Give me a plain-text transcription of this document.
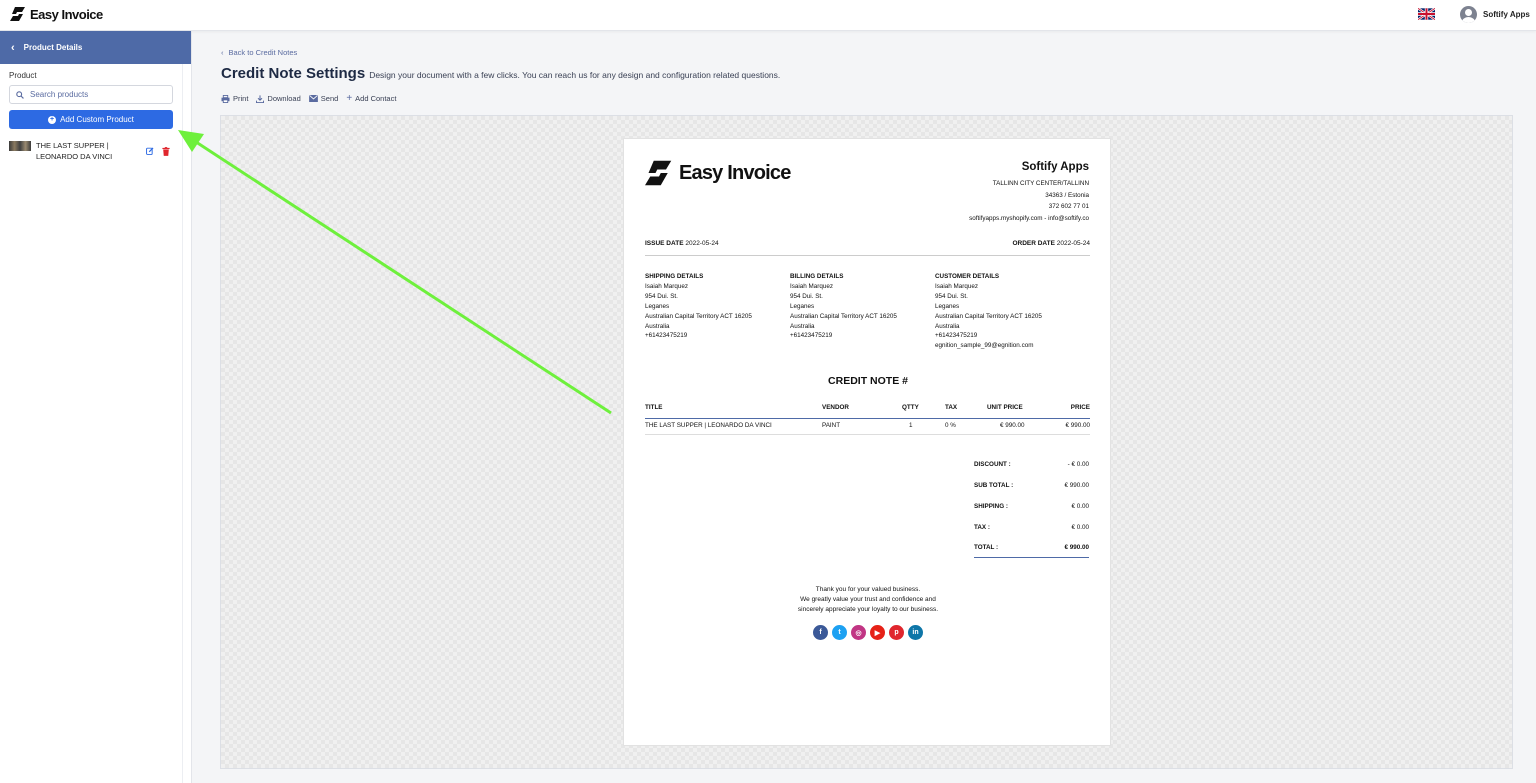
Easy Invoice	Softify Apps
‹ Product Details
Product
Search products
+ Add Custom Product
THE LAST SUPPER | LEONARDO DA VINCI
‹ Back to Credit Notes
Credit Note Settings Design your document with a few clicks. You can reach us for any design and configuration related questions.
Print	Download	Send + Add Contact
Easy Invoice	Softify Apps
TALLINN CITY CENTER/TALLINN
34363 / Estonia
372 602 77 01
softifyapps.myshopify.com - info@softify.co
ISSUE DATE 2022-05-24	ORDER DATE 2022-05-24
SHIPPING DETAILS
Isaiah Marquez
954 Dui. St.
Leganes
Australian Capital Territory ACT 16205
Australia
+61423475219
BILLING DETAILS
Isaiah Marquez
954 Dui. St.
Leganes
Australian Capital Territory ACT 16205
Australia
+61423475219
CUSTOMER DETAILS
Isaiah Marquez
954 Dui. St.
Leganes
Australian Capital Territory ACT 16205
Australia
+61423475219
egnition_sample_99@egnition.com
CREDIT NOTE #
TITLE	VENDOR	QTTY	TAX	UNIT PRICE	PRICE
THE LAST SUPPER | LEONARDO DA VINCI	PAINT	1	0 %	€ 990.00	€ 990.00
DISCOUNT :	- € 0.00
SUB TOTAL :	€ 990.00
SHIPPING :	€ 0.00
TAX :	€ 0.00
TOTAL :	€ 990.00
Thank you for your valued business.
We greatly value your trust and confidence and
sincerely appreciate your loyalty to our business.
f	t	◎	▶	p	in
